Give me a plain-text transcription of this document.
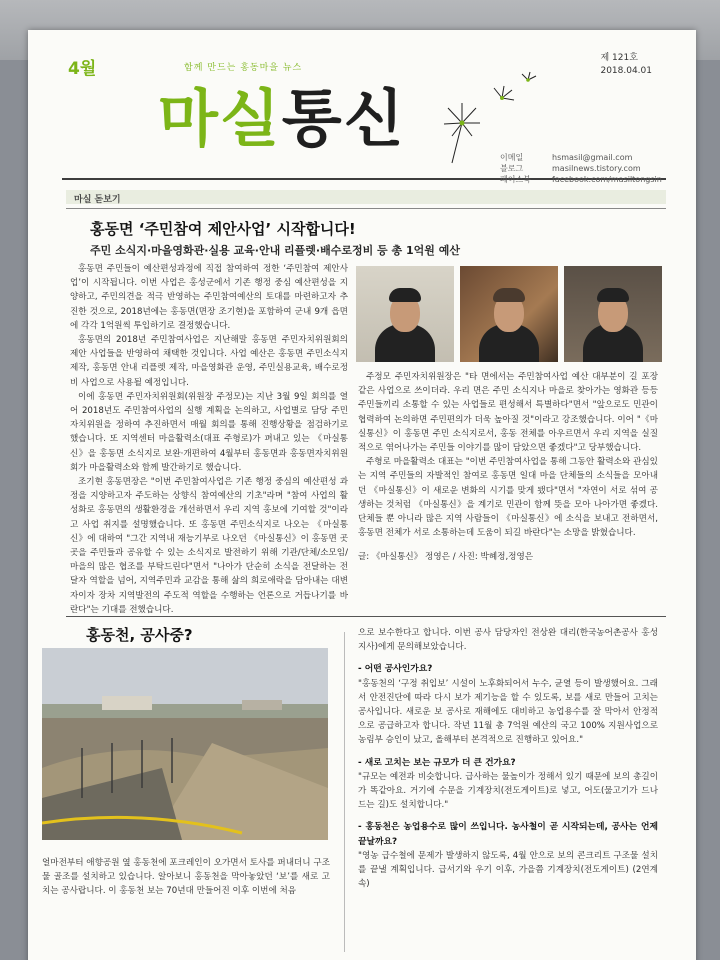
4월	함께 만드는 홍동마을 뉴스
제 121호
2018.04.01
마실통신
이메일	hsmasil@gmail.com
블로그	masilnews.tistory.com
페이스북	facebook.com/masiltongsin
마실 돋보기
홍동면 ‘주민참여 제안사업’ 시작합니다!
주민 소식지·마을영화관·실용 교육·안내 리플렛·배수로정비 등 총 1억원 예산

홍동면 주민들이 예산편성과정에 직접 참여하여 정한 ‘주민참여 제안사업’이 시작됩니다. 이번 사업은 홍성군에서 기존 행정 중심 예산편성을 지양하고, 주민의견을 적극 반영하는 주민참여예산의 토대를 마련하고자 추진한 것으로, 2018년에는 홍동면(면장 조기현)을 포함하여 군내 9개 읍면에 각각 1억원씩 투입하기로 결정했습니다.

홍동면의 2018년 주민참여사업은 지난해말 홍동면 주민자치위원회의 제안 사업들을 반영하여 채택한 것입니다. 사업 예산은 홍동면 주민소식지 제작, 홍동면 안내 리플렛 제작, 마을영화관 운영, 주민실용교육, 배수로정비 사업으로 사용될 예정입니다.

이에 홍동면 주민자치위원회(위원장 주정모)는 지난 3월 9일 회의를 열어 2018년도 주민참여사업의 실행 계획을 논의하고, 사업별로 담당 주민자치위원을 정하여 추진하면서 매월 회의를 통해 진행상황을 점검하기로 했습니다. 또 지역센터 마을활력소(대표 주형로)가 펴내고 있는 《마실통신》을 홍동면 소식지로 보완·개편하여 4월부터 홍동면과 홍동면자치위원회가 마을활력소와 함께 발간하기로 했습니다.

조기현 홍동면장은 "이번 주민참여사업은 기존 행정 중심의 예산편성 과정을 지양하고자 주도하는 상향식 참여예산의 기초"라며 "참여 사업의 활성화로 홍동면의 생활환경을 개선하면서 우리 지역 홍보에 기여할 것"이라고 사업 취지를 설명했습니다. 또 홍동면 주민소식지로 나오는 《마실통신》에 대하여 "그간 지역내 재능기부로 나오던 《마실통신》이 홍동면 곳곳을 주민들과 공유할 수 있는 소식지로 발전하기 위해 기관/단체/소모임/마을의 많은 협조를 부탁드린다"면서 "나아가 단순히 소식을 전달하는 전달자 역할을 넘어, 지역주민과 교감을 통해 삶의 희로애락을 담아내는 대변자이자 장차 지역발전의 주도적 역할을 수행하는 언론으로 거듭나기를 바란다"는 기대를 전했습니다.

주정모 주민자치위원장은 "타 면에서는 주민참여사업 예산 대부분이 길 포장 같은 사업으로 쓰이더라. 우리 면은 주민 소식지나 마을로 찾아가는 영화관 등등 주민들끼리 소통할 수 있는 사업들로 편성해서 특별하다"면서 "앞으로도 민관이 협력하여 논의하면 주민편의가 더욱 높아질 것"이라고 강조했습니다. 이어 "《마실통신》이 홍동면 주민 소식지로서, 홍동 전체를 아우르면서 우리 지역을 실질적으로 엮어나가는 주민들 이야기를 많이 담았으면 좋겠다"고 당부했습니다.

주형로 마을활력소 대표는 "이번 주민참여사업을 통해 그동안 활력소와 관심있는 지역 주민들의 자발적인 참여로 홍동면 일대 마을 단체들의 소식들을 모아내던 《마실통신》이 새로운 변화의 시기를 맞게 됐다"면서 "자연이 서로 섞여 공생하는 것처럼 《마실통신》을 계기로 민관이 함께 뜻을 모아 나아가면 좋겠다. 단체들 뿐 아니라 많은 지역 사람들이 《마실통신》에 소식을 보내고 전하면서, 홍동면 전체가 서로 소통하는데 도움이 되길 바란다"는 소망을 밝혔습니다.

글: 《마실통신》 정영은 / 사진: 박혜정,정영은

홍동천, 공사중?

얼마전부터 애향공원 옆 홍동천에 포크레인이 오가면서 토사를 퍼내더니 구조물 골조를 설치하고 있습니다. 알아보니 홍동천을 막아놓았던 ‘보’를 새로 고치는 공사랍니다. 이 홍동천 보는 70년대 만들어진 이후 이번에 처음

으로 보수한다고 합니다. 이번 공사 담당자인 전상완 대리(한국농어촌공사 홍성지사)에게 문의해보았습니다.

- 어떤 공사인가요?

"홍동천의 ‘구정 취입보’ 시설이 노후화되어서 누수, 균열 등이 발생했어요. 그래서 안전진단에 따라 다시 보가 제기능을 할 수 있도록, 보를 새로 만들어 고치는 공사입니다. 새로운 보 공사로 재해에도 대비하고 농업용수를 잘 막아서 안정적으로 공급하고자 합니다. 작년 11월 총 7억원 예산의 국고 100% 지원사업으로 농림부 승인이 났고, 올해부터 본격적으로 진행하고 있어요."

- 새로 고치는 보는 규모가 더 큰 건가요?

"규모는 예전과 비슷합니다. 급사하는 물높이가 정해서 있기 때문에 보의 총길이가 똑같아요. 거기에 수문을 기계장치(전도게이트)로 넣고, 어도(물고기가 드나드는 길)도 설치합니다."

- 홍동천은 농업용수로 많이 쓰입니다. 농사철이 곧 시작되는데, 공사는 언제 끝날까요?

"영농 급수철에 문제가 발생하지 않도록, 4월 안으로 보의 콘크리트 구조물 설치를 끝낼 계획입니다. 급서기와 우기 이후, 가을쯤 기계장치(전도게이트) (2연계속)
